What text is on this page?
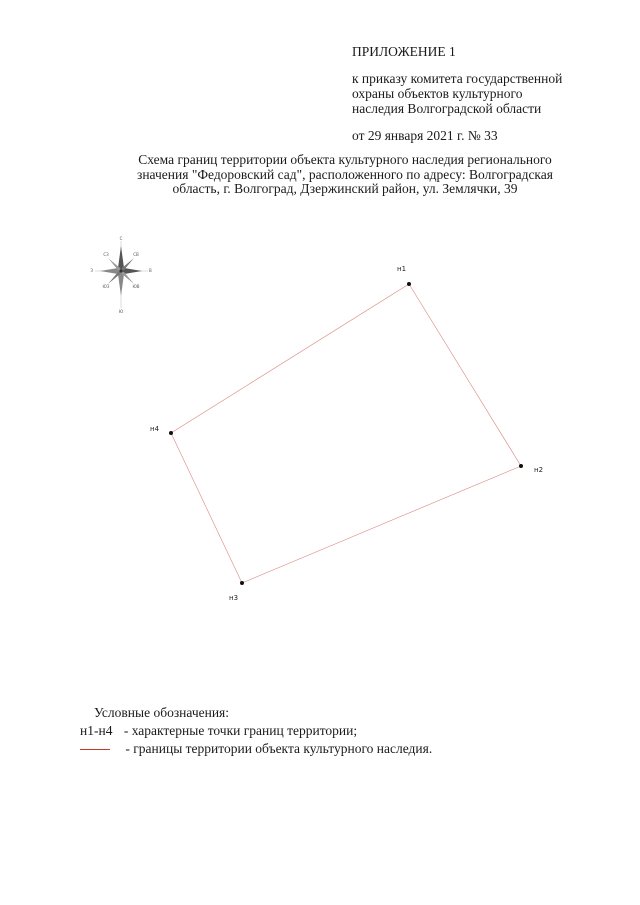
ПРИЛОЖЕНИЕ 1
к приказу комитета государственной
охраны объектов культурного
наследия Волгоградской области
от 29 января 2021 г. № 33
Схема границ территории объекта культурного наследия регионального
значения "Федоровский сад", расположенного по адресу: Волгоградская
область, г. Волгоград, Дзержинский район, ул. Землячки, 39
С
Ю
З	В
СЗ	СВ
ЮЗ	ЮВ
н1
н2
н3
н4
Условные обозначения:
н1-н4 - характерные точки границ территории;
- границы территории объекта культурного наследия.
